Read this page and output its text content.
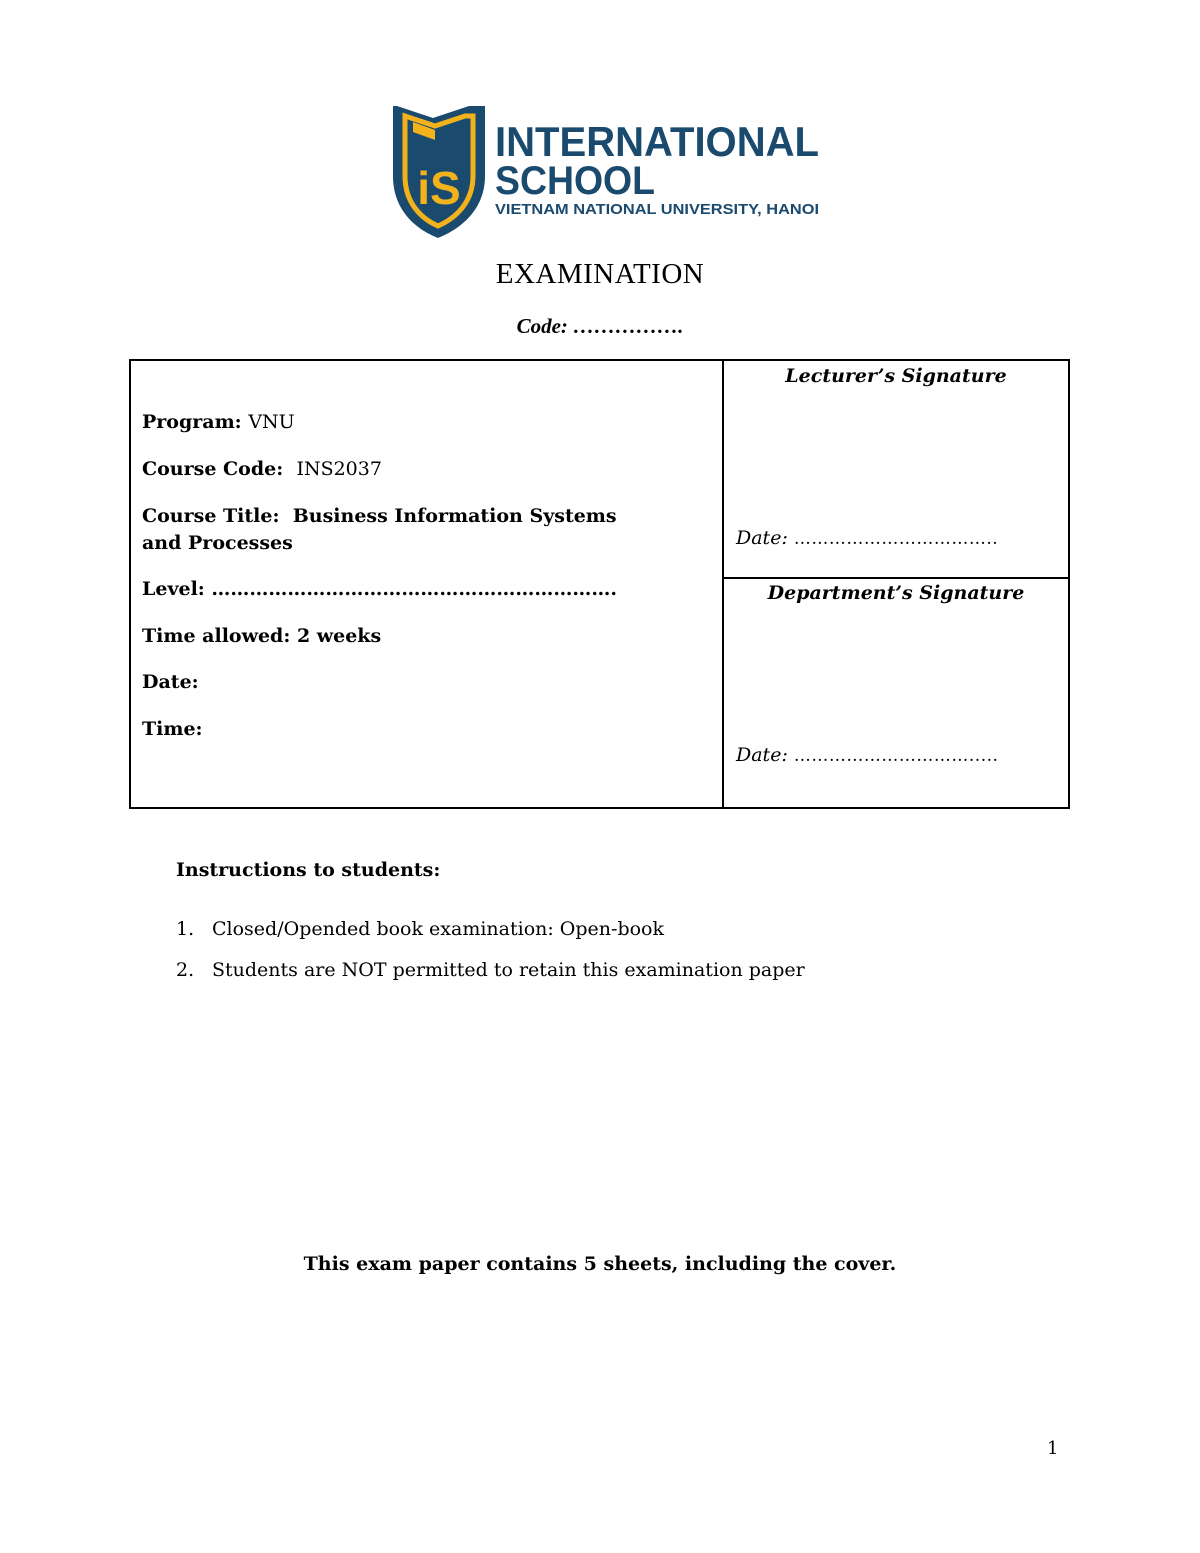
iS
INTERNATIONAL
SCHOOL
VIETNAM NATIONAL UNIVERSITY, HANOI
EXAMINATION
Code: …………….
Program: VNU
Course Code: INS2037
Course Title: Business Information Systems and Processes
Level: ……………………………………………………….
Time allowed: 2 weeks
Date:
Time:
Lecturer’s Signature
Date: ……………………………..
Department’s Signature
Date: ………………………….....
Instructions to students:
1. Closed/Opended book examination: Open-book
2. Students are NOT permitted to retain this examination paper
This exam paper contains 5 sheets, including the cover.
1
